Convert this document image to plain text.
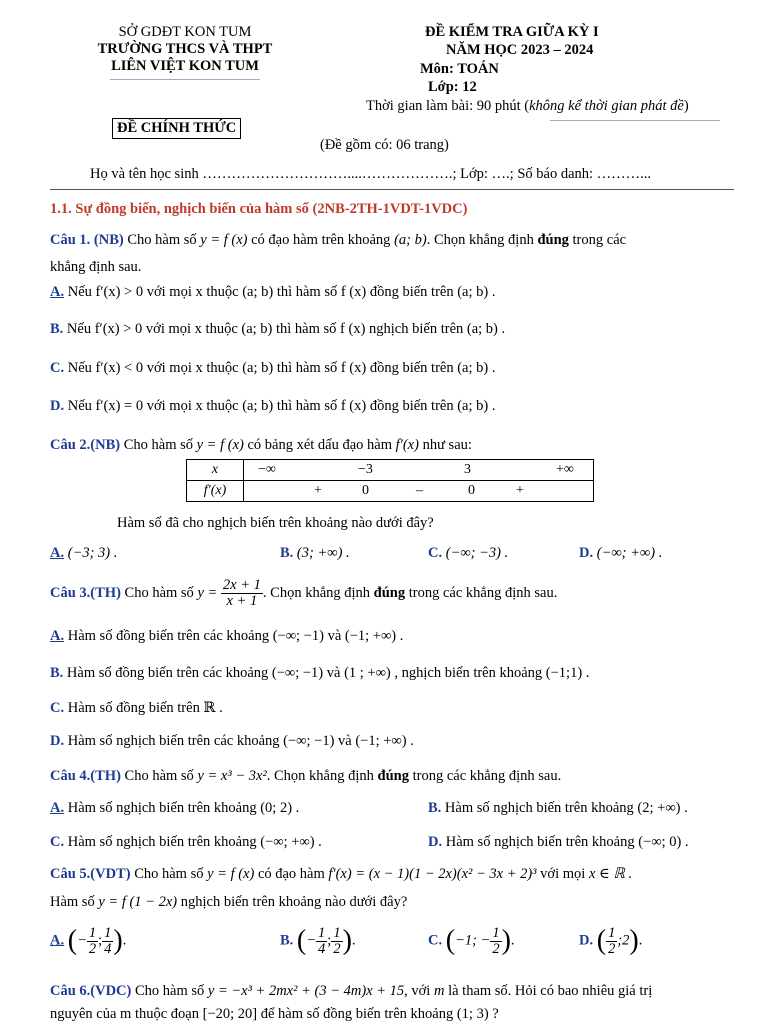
SỞ GDĐT KON TUM
TRƯỜNG THCS VÀ THPT
LIÊN VIỆT KON TUM
ĐỀ KIỂM TRA GIỮA KỲ I
NĂM HỌC 2023 – 2024
Môn: TOÁN
Lớp: 12
Thời gian làm bài: 90 phút (không kể thời gian phát đề)
ĐỀ CHÍNH THỨC
(Đề gồm có: 06 trang)
Họ và tên học sinh …………………………....……………….; Lớp: ….; Số báo danh: ………...
1.1. Sự đồng biến, nghịch biến của hàm số (2NB-2TH-1VDT-1VDC)
Câu 1. (NB) Cho hàm số y = f (x) có đạo hàm trên khoảng (a; b). Chọn khẳng định đúng trong các
khẳng định sau.
A. Nếu f′(x) > 0 với mọi x thuộc (a; b) thì hàm số f (x) đồng biến trên (a; b) .
B. Nếu f′(x) > 0 với mọi x thuộc (a; b) thì hàm số f (x) nghịch biến trên (a; b) .
C. Nếu f′(x) < 0 với mọi x thuộc (a; b) thì hàm số f (x) đồng biến trên (a; b) .
D. Nếu f′(x) = 0 với mọi x thuộc (a; b) thì hàm số f (x) đồng biến trên (a; b) .
Câu 2.(NB) Cho hàm số y = f (x) có bảng xét dấu đạo hàm f′(x) như sau:
x	−∞ −3 3 +∞

f′(x)	+ 0 – 0 +
Hàm số đã cho nghịch biến trên khoảng nào dưới đây?
A. (−3; 3) .	B. (3; +∞) .	C. (−∞; −3) .	D. (−∞; +∞) .
Câu 3.(TH) Cho hàm số $y = \frac{2x + 1}{x + 1}$ . Chọn khẳng định đúng trong các khẳng định sau.
A. Hàm số đồng biến trên các khoảng (−∞; −1) và (−1; +∞) .
B. Hàm số đồng biến trên các khoảng (−∞; −1) và (1 ; +∞) , nghịch biến trên khoảng (−1;1) .
C. Hàm số đồng biến trên ℝ .
D. Hàm số nghịch biến trên các khoảng (−∞; −1) và (−1; +∞) .
Câu 4.(TH) Cho hàm số y = x³ − 3x². Chọn khẳng định đúng trong các khẳng định sau.
A. Hàm số nghịch biến trên khoảng (0; 2) .	B. Hàm số nghịch biến trên khoảng (2; +∞) .
C. Hàm số nghịch biến trên khoảng (−∞; +∞) .	D. Hàm số nghịch biến trên khoảng (−∞; 0) .
Câu 5.(VDT) Cho hàm số y = f (x) có đạo hàm f′(x) = (x − 1)(1 − 2x)(x² − 3x + 2)³ với mọi x ∈ ℝ .
Hàm số y = f (1 − 2x) nghịch biến trên khoảng nào dưới đây?
A. (− $\frac{1}{2}$ ; $\frac{1}{4}$ ).	B. (− $\frac{1}{4}$ ; $\frac{1}{2}$ ).	C. (−1; − $\frac{1}{2}$ ).	D. ( $\frac{1}{2}$ ;2).
Câu 6.(VDC) Cho hàm số y = −x³ + 2mx² + (3 − 4m)x + 15, với m là tham số. Hỏi có bao nhiêu giá trị
nguyên của m thuộc đoạn [−20; 20] để hàm số đồng biến trên khoảng (1; 3) ?
